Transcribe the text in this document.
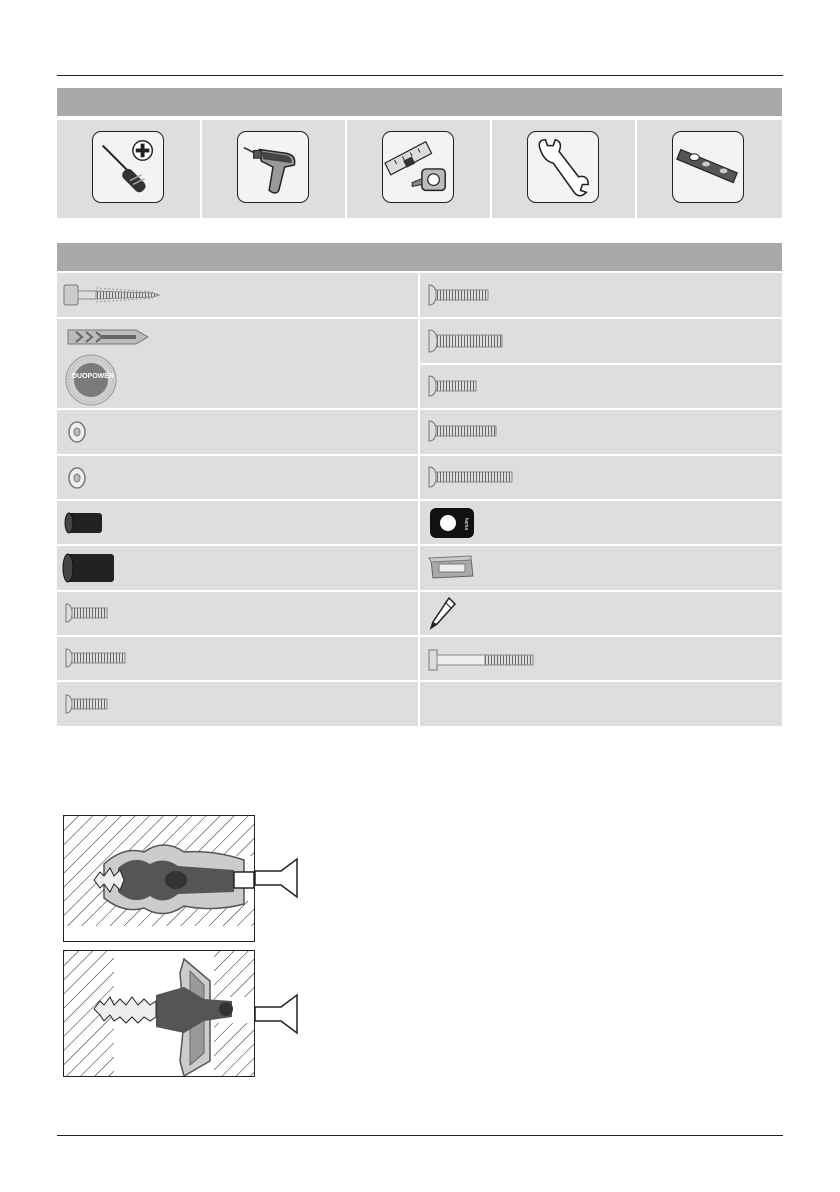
DUOPOWER
hama
